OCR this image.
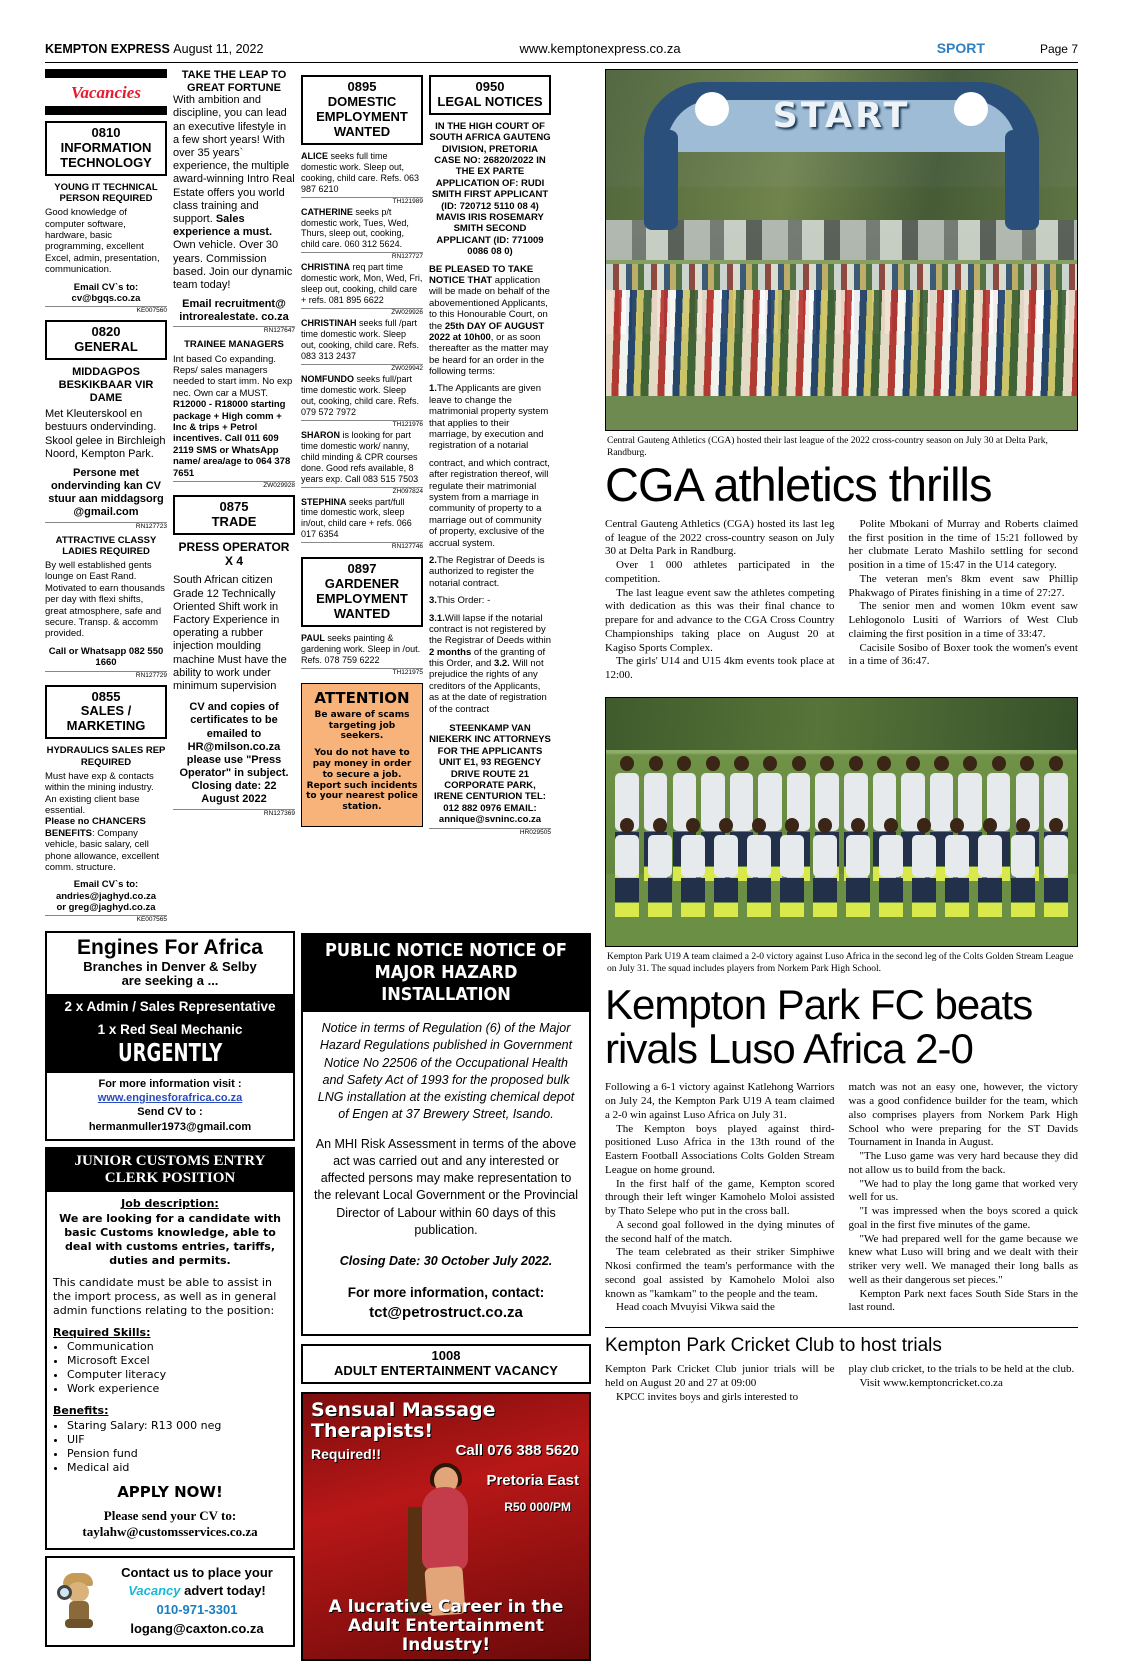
KEMPTON EXPRESS August 11, 2022	www.kemptonexpress.co.za	SPORT	Page 7
Vacancies
0810
INFORMATION TECHNOLOGY
YOUNG IT TECHNICAL PERSON REQUIRED
Good knowledge of computer software, hardware, basic programming, excellent Excel, admin, presentation, communication.
Email CV`s to:
cv@bgqs.co.za
KE007560
0820
GENERAL
MIDDAGPOS BESKIKBAAR VIR DAME
Met Kleuterskool en bestuurs ondervinding. Skool gelee in Birchleigh Noord, Kempton Park.
Persone met ondervinding kan CV stuur aan middagsorg @gmail.com
RN127723
ATTRACTIVE CLASSY LADIES REQUIRED
By well established gents lounge on East Rand. Motivated to earn thousands per day with flexi shifts, great atmosphere, safe and secure. Transp. & accomm provided.
Call or Whatsapp 082 550 1660
RN127729
0855
SALES / MARKETING
HYDRAULICS SALES REP REQUIRED
Must have exp & contacts within the mining industry. An existing client base essential.
Please no CHANCERS BENEFITS: Company vehicle, basic salary, cell phone allowance, excellent comm. structure.
Email CV`s to:
andries@jaghyd.co.za
or greg@jaghyd.co.za
KE007565
TAKE THE LEAP TO GREAT FORTUNE
With ambition and discipline, you can lead an executive lifestyle in a few short years! With over 35 years` experience, the multiple award-winning Intro Real Estate offers you world class training and support. Sales experience a must. Own vehicle. Over 30 years. Commission based. Join our dynamic team today!
Email recruitment@ introrealestate. co.za
RN127647
TRAINEE MANAGERS
Int based Co expanding. Reps/ sales managers needed to start imm. No exp nec. Own car a MUST. R12000 - R18000 starting package + High comm + Inc & trips + Petrol incentives. Call 011 609 2119 SMS or WhatsApp name/ area/age to 064 378 7651
ZW029928
0875
TRADE
PRESS OPERATOR X 4
South African citizen Grade 12 Technically Oriented Shift work in Factory Experience in operating a rubber injection moulding machine Must have the ability to work under minimum supervision
CV and copies of certificates to be emailed to HR@milson.co.za please use "Press Operator" in subject. Closing date: 22 August 2022
RN127369
0895
DOMESTIC EMPLOYMENT WANTED
ALICE seeks full time domestic work. Sleep out, cooking, child care. Refs. 063 987 6210
TH121989
CATHERINE seeks p/t domestic work, Tues, Wed, Thurs, sleep out, cooking, child care. 060 312 5624.
RN127727
CHRISTINA req part time domestic work, Mon, Wed, Fri, sleep out, cooking, child care + refs. 081 895 6622
ZW029926
CHRISTINAH seeks full /part time domestic work. Sleep out, cooking, child care. Refs. 083 313 2437
ZW029942
NOMFUNDO seeks full/part time domestic work. Sleep out, cooking, child care. Refs. 079 572 7972
TH121976
SHARON is looking for part time domestic work/ nanny, child minding & CPR courses done. Good refs available, 8 years exp. Call 083 515 7503
ZH097824
STEPHINA seeks part/full time domestic work, sleep in/out, child care + refs. 066 017 6354
RN127746
0897
GARDENER EMPLOYMENT WANTED
PAUL seeks painting & gardening work. Sleep in /out. Refs. 078 759 6222
TH121975
ATTENTION

Be aware of scams targeting job seekers.

You do not have to pay money in order to secure a job. Report such incidents to your nearest police station.

0950
LEGAL NOTICES
IN THE HIGH COURT OF SOUTH AFRICA GAUTENG DIVISION, PRETORIA CASE NO: 26820/2022 IN THE EX PARTE APPLICATION OF: RUDI SMITH FIRST APPLICANT (ID: 720712 5110 08 4) MAVIS IRIS ROSEMARY SMITH SECOND APPLICANT (ID: 771009 0086 08 0)
BE PLEASED TO TAKE NOTICE THAT application will be made on behalf of the abovementioned Applicants, to this Honourable Court, on the 25th DAY OF AUGUST 2022 at 10h00, or as soon thereafter as the matter may be heard for an order in the following terms:
1.The Applicants are given leave to change the matrimonial property system that applies to their marriage, by execution and registration of a notarial
contract, and which contract, after registration thereof, will regulate their matrimonial system from a marriage in community of property to a marriage out of community of property, exclusive of the accrual system.
2.The Registrar of Deeds is authorized to register the notarial contract.
3.This Order: -
3.1.Will lapse if the notarial contract is not registered by the Registrar of Deeds within 2 months of the granting of this Order, and 3.2. Will not prejudice the rights of any creditors of the Applicants, as at the date of registration of the contract
STEENKAMP VAN NIEKERK INC ATTORNEYS FOR THE APPLICANTS UNIT E1, 93 REGENCY DRIVE ROUTE 21 CORPORATE PARK, IRENE CENTURION TEL: 012 882 0976 EMAIL: annique@svninc.co.za
HR029505
Engines For Africa
Branches in Denver & Selby
are seeking a ...
2 x Admin / Sales Representative
1 x Red Seal Mechanic
URGENTLY
For more information visit :
www.enginesforafrica.co.za
Send CV to :
hermanmuller1973@gmail.com
JUNIOR CUSTOMS ENTRY CLERK POSITION
Job description:
We are looking for a candidate with basic Customs knowledge, able to deal with customs entries, tariffs, duties and permits.
This candidate must be able to assist in the import process, as well as in general admin functions relating to the position:
Required Skills:
• Communication
• Microsoft Excel
• Computer literacy
• Work experience
Benefits:
• Staring Salary: R13 000 neg
• UIF
• Pension fund
• Medical aid
APPLY NOW!
Please send your CV to:
taylahw@customsservices.co.za
Contact us to place your
Vacancy advert today!
010-971-3301
logang@caxton.co.za
PUBLIC NOTICE NOTICE OF MAJOR HAZARD INSTALLATION
Notice in terms of Regulation (6) of the Major Hazard Regulations published in Government Notice No 22506 of the Occupational Health and Safety Act of 1993 for the proposed bulk LNG installation at the existing chemical depot of Engen at 37 Brewery Street, Isando.
An MHI Risk Assessment in terms of the above act was carried out and any interested or affected persons may make representation to the relevant Local Government or the Provincial Director of Labour within 60 days of this publication.
Closing Date: 30 October July 2022.
For more information, contact:
tct@petrostruct.co.za
1008
ADULT ENTERTAINMENT VACANCY
Sensual Massage Therapists!
Required!!	Call 076 388 5620
Pretoria East
R50 000/PM
A lucrative Career in the
Adult Entertainment Industry!
START
Central Gauteng Athletics (CGA) hosted their last league of the 2022 cross-country season on July 30 at Delta Park, Randburg.
CGA athletics thrills

Central Gauteng Athletics (CGA) hosted its last leg of league of the 2022 cross-country season on July 30 at Delta Park in Randburg.

Over 1 000 athletes participated in the competition.

The last league event saw the athletes competing with dedication as this was their final chance to prepare for and advance to the CGA Cross Country Championships taking place on August 20 at Kagiso Sports Complex.

The girls' U14 and U15 4km events took place at 12:00.

Polite Mbokani of Murray and Roberts claimed the first position in the time of 15:21 followed by her clubmate Lerato Mashilo settling for second position in a time of 15:47 in the U14 category.

The veteran men's 8km event saw Phillip Phakwago of Pirates finishing in a time of 27:27.

The senior men and women 10km event saw Lehlogonolo Lusiti of Warriors of West Club claiming the first position in a time of 33:47.

Cacisile Sosibo of Boxer took the women's event in a time of 36:47.

Kempton Park U19 A team claimed a 2-0 victory against Luso Africa in the second leg of the Colts Golden Stream League on July 31. The squad includes players from Norkem Park High School.
Kempton Park FC beats rivals Luso Africa 2-0

Following a 6-1 victory against Katlehong Warriors on July 24, the Kempton Park U19 A team claimed a 2-0 win against Luso Africa on July 31.

The Kempton boys played against third-positioned Luso Africa in the 13th round of the Eastern Football Associations Colts Golden Stream League on home ground.

In the first half of the game, Kempton scored through their left winger Kamohelo Moloi assisted by Thato Selepe who put in the cross ball.

A second goal followed in the dying minutes of the second half of the match.

The team celebrated as their striker Simphiwe Nkosi confirmed the team's performance with the second goal assisted by Kamohelo Moloi also known as "kamkam" to the people and the team.

Head coach Mvuyisi Vikwa said the

match was not an easy one, however, the victory was a good confidence builder for the team, which also comprises players from Norkem Park High School who were preparing for the ST Davids Tournament in Inanda in August.

"The Luso game was very hard because they did not allow us to build from the back.

"We had to play the long game that worked very well for us.

"I was impressed when the boys scored a quick goal in the first five minutes of the game.

"We had prepared well for the game because we knew what Luso will bring and we dealt with their striker very well. We managed their long balls as well as their dangerous set pieces."

Kempton Park next faces South Side Stars in the last round.

Kempton Park Cricket Club to host trials

Kempton Park Cricket Club junior trials will be held on August 20 and 27 at 09:00

KPCC invites boys and girls interested to

play club cricket, to the trials to be held at the club.

Visit www.kemptoncricket.co.za
